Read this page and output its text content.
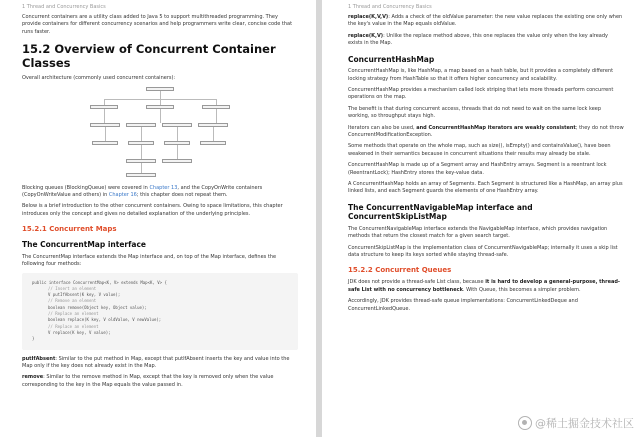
1 Thread and Concurrency Basics

Concurrent containers are a utility class added to Java 5 to support multithreaded programming. They provide containers for different concurrency scenarios and help programmers write clear, concise code that runs faster.

15.2 Overview of Concurrent Container Classes

Overall architecture (commonly used concurrent containers):

Blocking queues (BlockingQueue) were covered in Chapter 13, and the CopyOnWrite containers (CopyOnWriteValue and others) in Chapter 16; this chapter does not repeat them.

Below is a brief introduction to the other concurrent containers. Owing to space limitations, this chapter introduces only the concept and gives no detailed explanation of the underlying principles.

15.2.1 Concurrent Maps
The ConcurrentMap interface

The ConcurrentMap interface extends the Map interface and, on top of the Map interface, defines the following four methods:

public interface ConcurrentMap<K, V> extends Map<K, V> {
// Insert an element
V putIfAbsent(K key, V value);
// Remove an element
boolean remove(Object key, Object value);
// Replace an element
boolean replace(K key, V oldValue, V newValue);
// Replace an element
V replace(K key, V value);
}

putIfAbsent: Similar to the put method in Map, except that putIfAbsent inserts the key and value into the Map only if the key does not already exist in the Map.

remove: Similar to the remove method in Map, except that the key is removed only when the value corresponding to the key in the Map equals the value passed in.

1 Thread and Concurrency Basics

replace(K,V,V): Adds a check of the oldValue parameter: the new value replaces the existing one only when the key's value in the Map equals oldValue.

replace(K,V): Unlike the replace method above, this one replaces the value only when the key already exists in the Map.

ConcurrentHashMap

ConcurrentHashMap is, like HashMap, a map based on a hash table, but it provides a completely different locking strategy from HashTable so that it offers higher concurrency and scalability.

ConcurrentHashMap provides a mechanism called lock striping that lets more threads perform concurrent operations on the map.

The benefit is that during concurrent access, threads that do not need to wait on the same lock keep working, so throughput stays high.

Iterators can also be used, and ConcurrentHashMap iterators are weakly consistent; they do not throw ConcurrentModificationException.

Some methods that operate on the whole map, such as size(), isEmpty() and containsValue(), have been weakened in their semantics because in concurrent situations their results may already be stale.

ConcurrentHashMap is made up of a Segment array and HashEntry arrays. Segment is a reentrant lock (ReentrantLock); HashEntry stores the key-value data.

A ConcurrentHashMap holds an array of Segments. Each Segment is structured like a HashMap, an array plus linked lists, and each Segment guards the elements of one HashEntry array.

The ConcurrentNavigableMap interface and ConcurrentSkipListMap

The ConcurrentNavigableMap interface extends the NavigableMap interface, which provides navigation methods that return the closest match for a given search target.

ConcurrentSkipListMap is the implementation class of ConcurrentNavigableMap; internally it uses a skip list data structure to keep its keys sorted while staying thread-safe.

15.2.2 Concurrent Queues

JDK does not provide a thread-safe List class, because it is hard to develop a general-purpose, thread-safe List with no concurrency bottleneck. With Queue, this becomes a simpler problem.

Accordingly, JDK provides thread-safe queue implementations: ConcurrentLinkedDeque and ConcurrentLinkedQueue.

@稀土掘金技术社区
